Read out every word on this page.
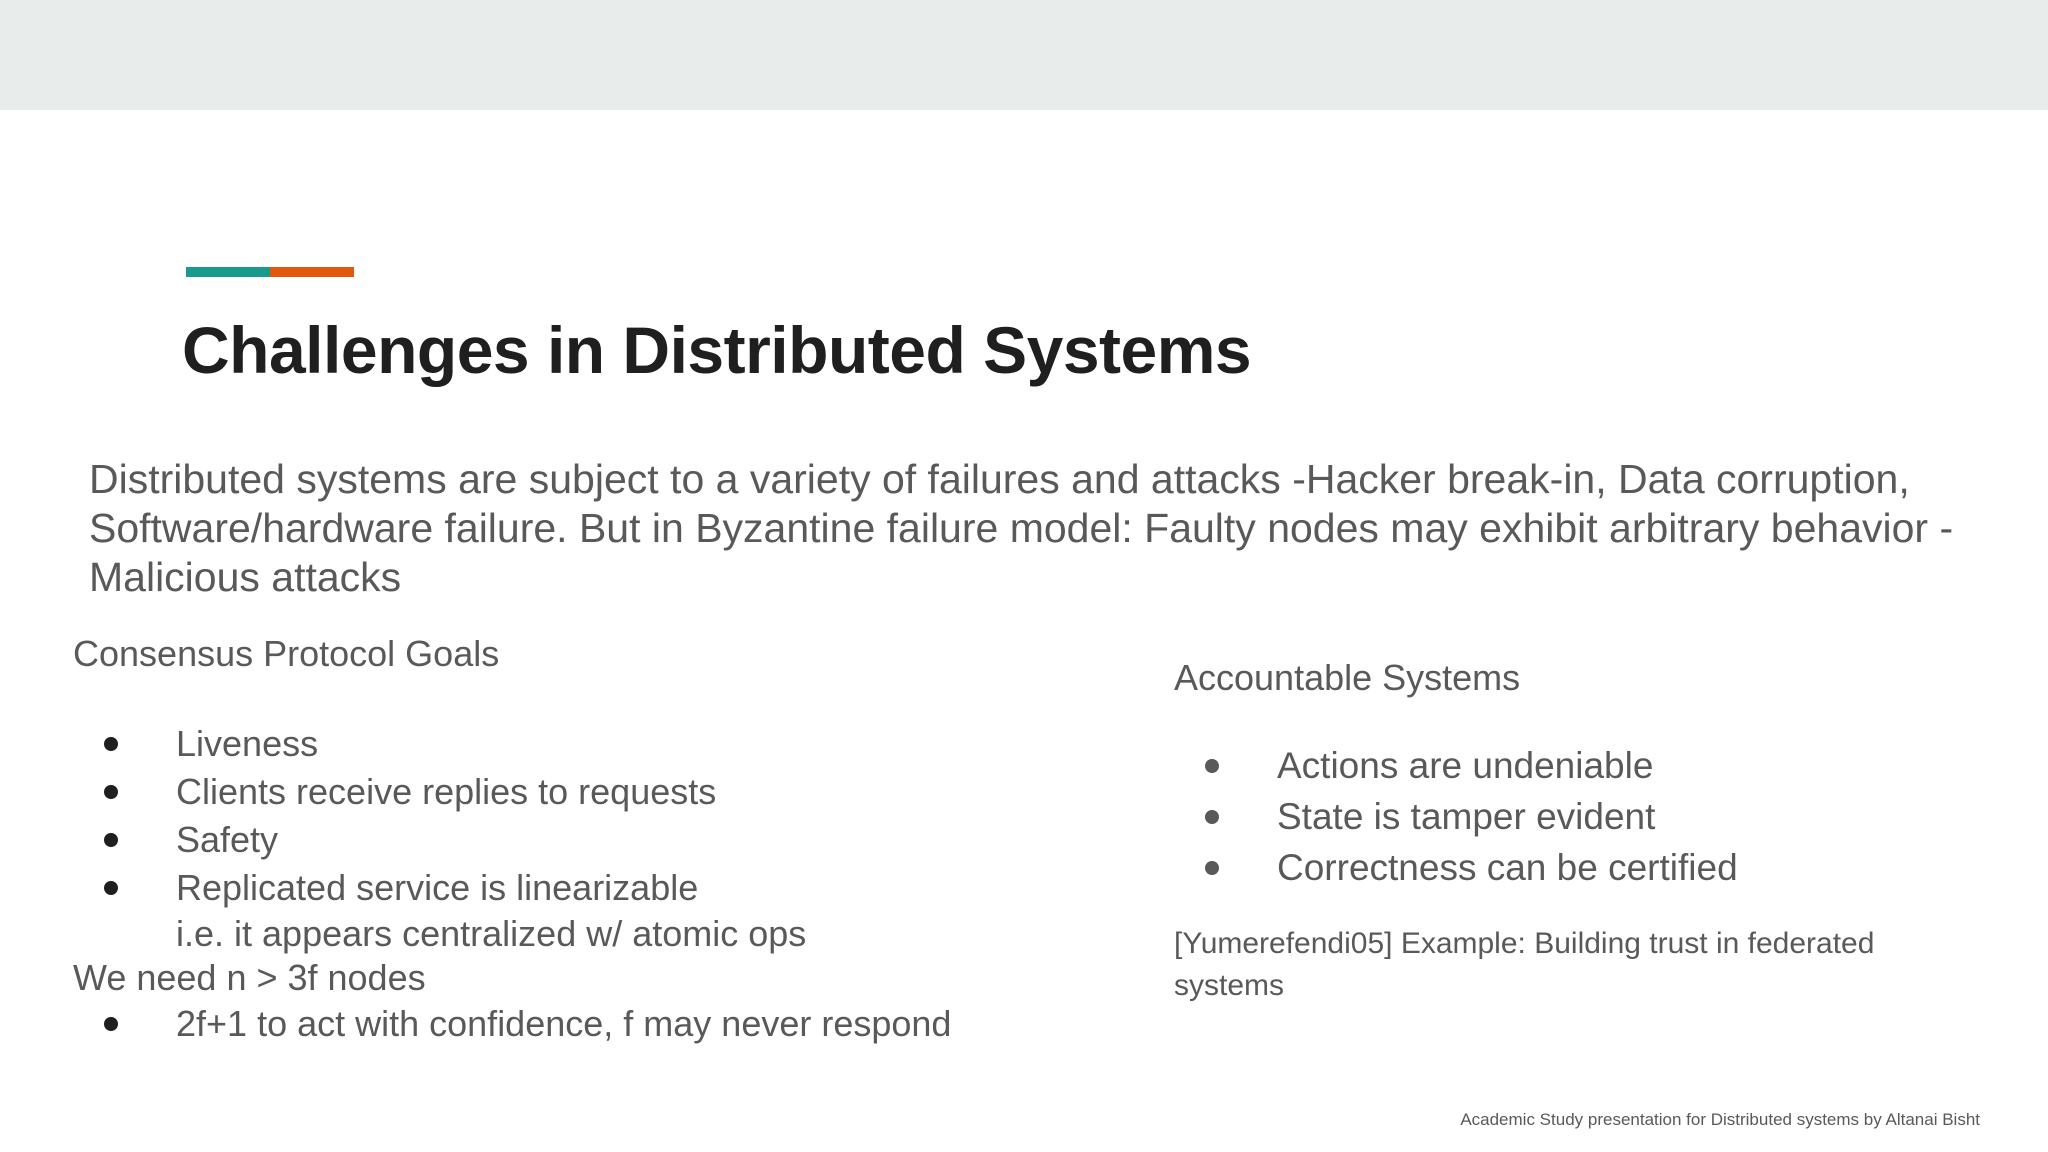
Challenges in Distributed Systems

Distributed systems are subject to a variety of failures and attacks -Hacker break-in, Data corruption, Software/hardware failure. But in Byzantine failure model: Faulty nodes may exhibit arbitrary behavior - Malicious attacks

Consensus Protocol Goals

Liveness
Clients receive replies to requests
Safety
Replicated service is linearizable
i.e. it appears centralized w/ atomic ops

We need n > 3f nodes

2f+1 to act with confidence, f may never respond

Accountable Systems

Actions are undeniable
State is tamper evident
Correctness can be certified

[Yumerefendi05] Example: Building trust in federated systems

Academic Study presentation for Distributed systems by Altanai Bisht
